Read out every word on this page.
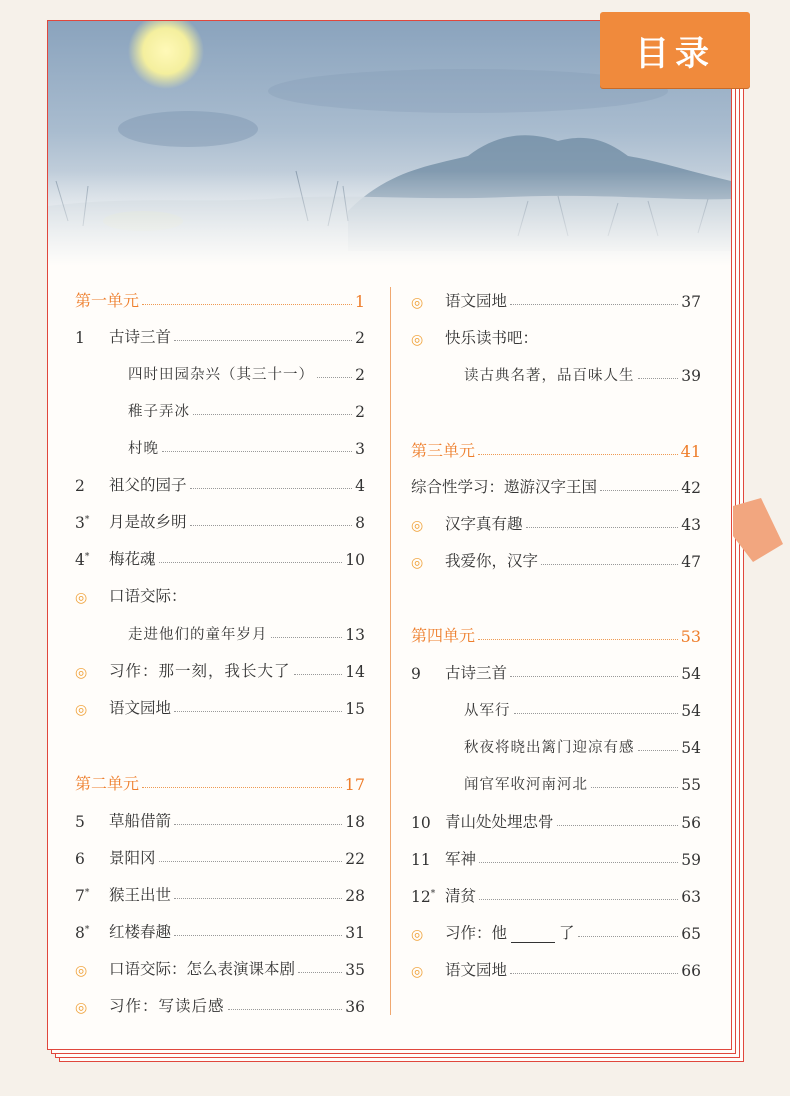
目录
第一单元	1
1	古诗三首	2
四时田园杂兴（其三十一）	2
稚子弄冰	2
村晚	3
2	祖父的园子	4
3*	月是故乡明	8
4*	梅花魂	10
◎	口语交际：
走进他们的童年岁月	13
◎	习作：那一刻，我长大了	14
◎	语文园地	15
第二单元	17
5	草船借箭	18
6	景阳冈	22
7*	猴王出世	28
8*	红楼春趣	31
◎	口语交际：怎么表演课本剧	35
◎	习作：写读后感	36
◎	语文园地	37
◎	快乐读书吧：
读古典名著，品百味人生	39
第三单元	41
综合性学习：遨游汉字王国	42
◎	汉字真有趣	43
◎	我爱你，汉字	47
第四单元	53
9	古诗三首	54
从军行	54
秋夜将晓出篱门迎凉有感	54
闻官军收河南河北	55
10 青山处处埋忠骨	56
11 军神	59
12* 清贫	63
◎	习作：他	了	65
◎	语文园地	66
